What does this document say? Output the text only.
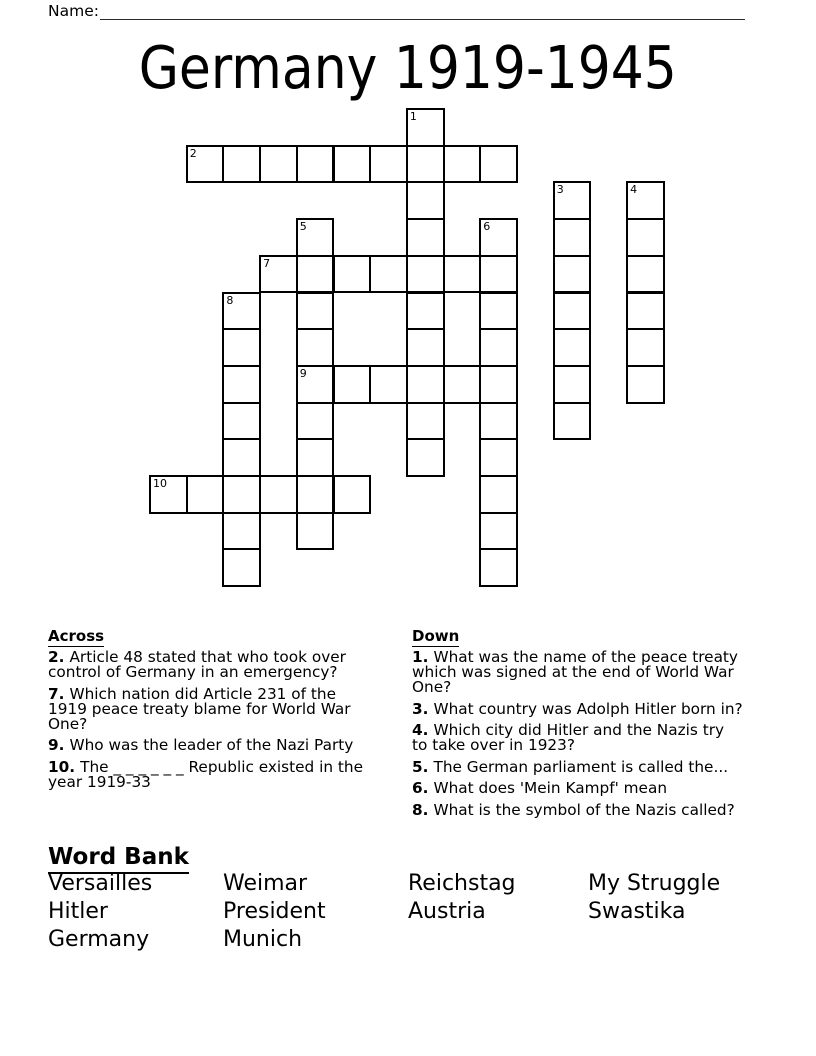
Name:
Germany 1919-1945
1
2
3	4
5
9
6
7
8
10
Across

2. Article 48 stated that who took over control of Germany in an emergency?

7. Which nation did Article 231 of the 1919 peace treaty blame for World War One?

9. Who was the leader of the Nazi Party

10. The _ _ _ _ _ _ Republic existed in the year 1919-33

Down

1. What was the name of the peace treaty which was signed at the end of World War One?

3. What country was Adolph Hitler born in?

4. Which city did Hitler and the Nazis try to take over in 1923?

5. The German parliament is called the...

6. What does 'Mein Kampf' mean

8. What is the symbol of the Nazis called?

Word Bank
Versailles
Hitler
Germany
Weimar
President
Munich
Reichstag
Austria
My Struggle
Swastika
